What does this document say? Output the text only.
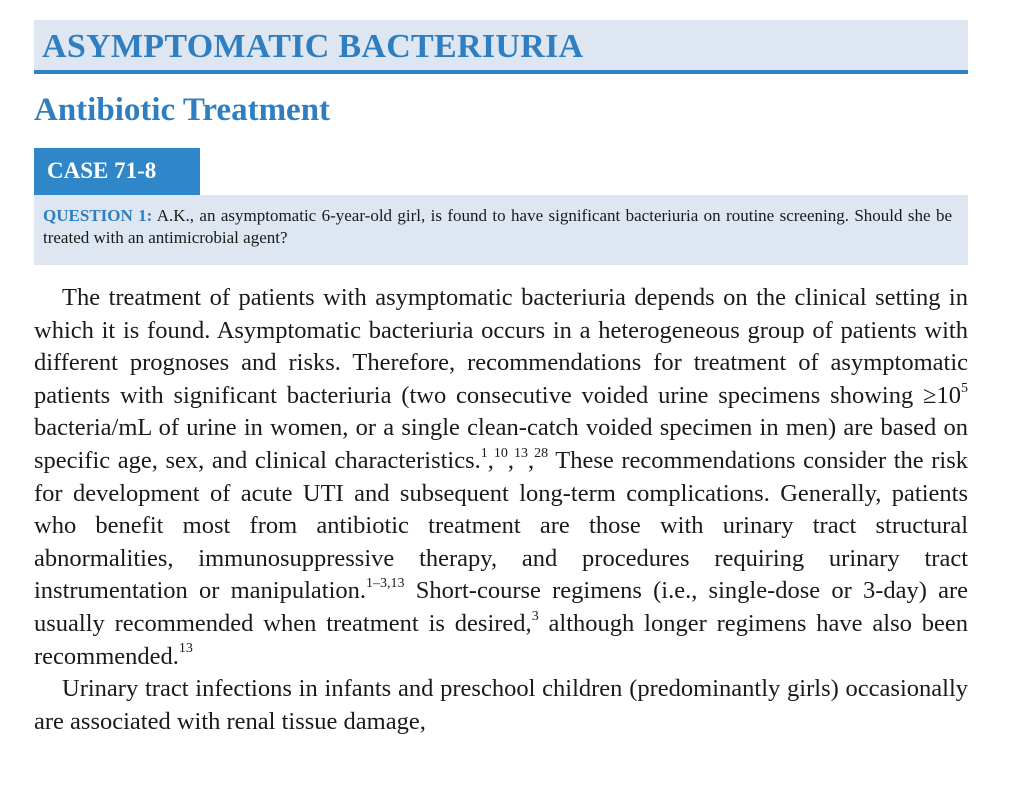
ASYMPTOMATIC BACTERIURIA
Antibiotic Treatment
CASE 71-8
QUESTION 1: A.K., an asymptomatic 6-year-old girl, is found to have significant bacteriuria on routine screening. Should she be treated with an antimicrobial agent?

The treatment of patients with asymptomatic bacteriuria depends on the clinical setting in which it is found. Asymptomatic bacteriuria occurs in a heterogeneous group of patients with different prognoses and risks. Therefore, recommendations for treatment of asymptomatic patients with significant bacteriuria (two consecutive voided urine specimens showing $\ge 10^5$ bacteria/mL of urine in women, or a single clean-catch voided specimen in men) are based on specific age, sex, and clinical characteristics.$^1$,$^{10}$,$^{13}$,$^{28}$ These recommendations consider the risk for development of acute UTI and subsequent long-term complications. Generally, patients who benefit most from antibiotic treatment are those with urinary tract structural abnormalities, immunosuppressive therapy, and procedures requiring urinary tract instrumentation or manipulation.$^{1-3,13}$ Short-course regimens (i.e., single-dose or 3-day) are usually recommended when treatment is desired,$^3$ although longer regimens have also been recommended.$^{13}$

Urinary tract infections in infants and preschool children (predominantly girls) occasionally are associated with renal tissue damage,
